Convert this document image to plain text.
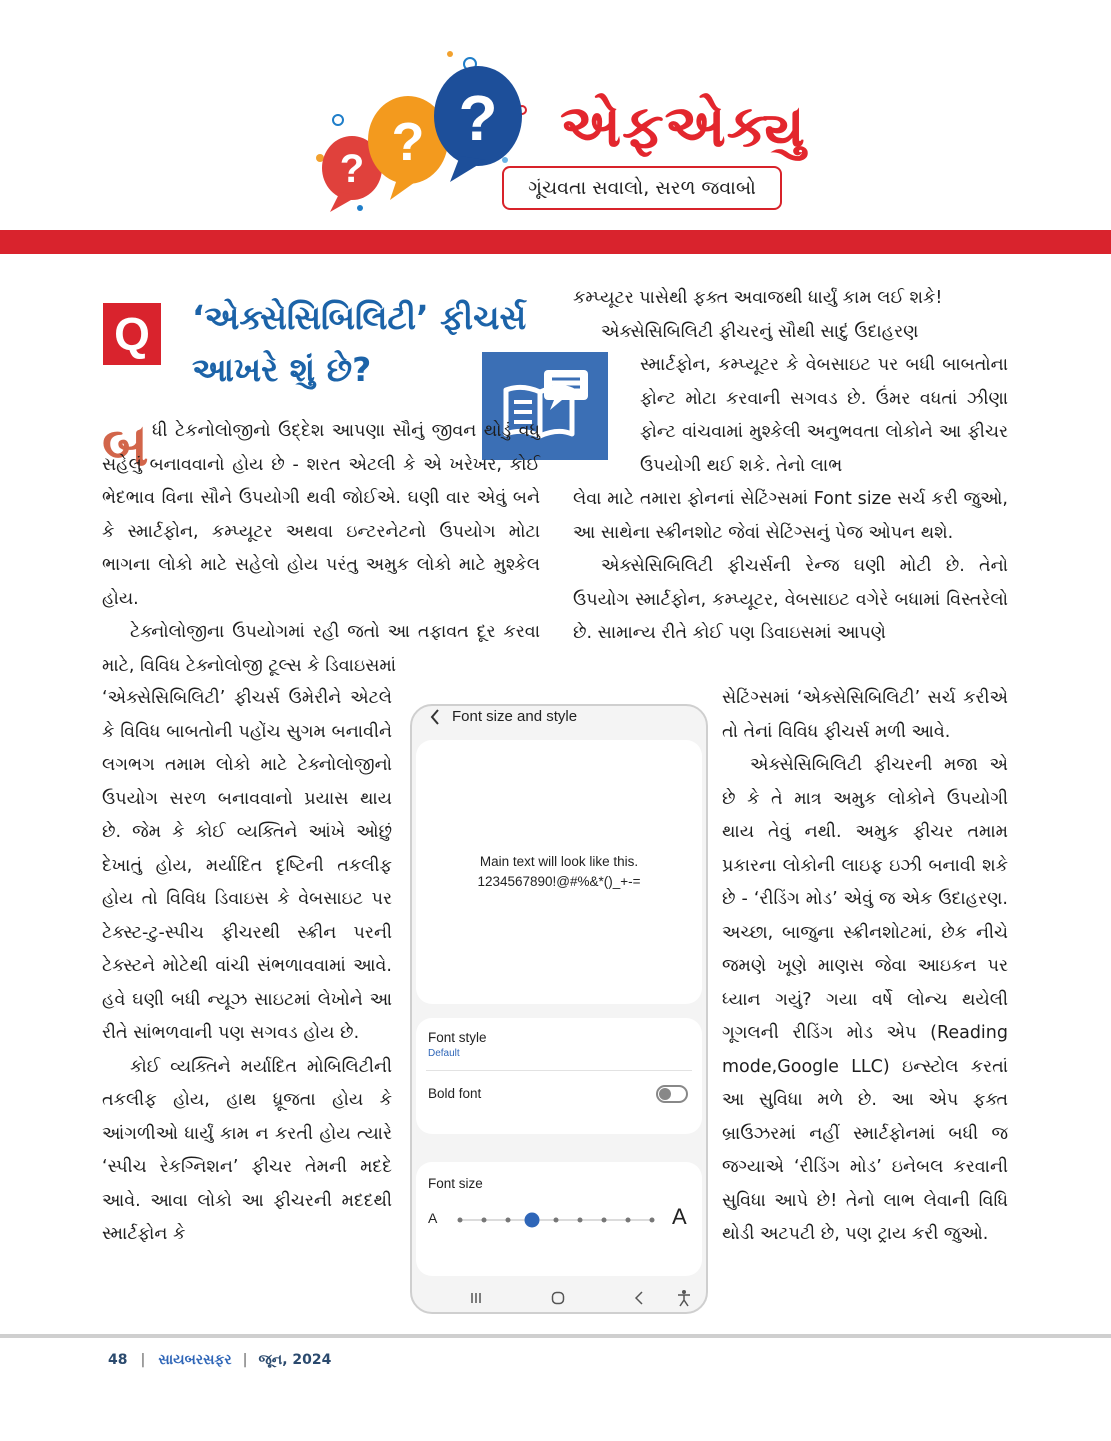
? ? ? એફએક્યુ
ગૂંચવતા સવાલો, સરળ જવાબો
Q	‘એક્સેસિબિલિટી’ ફીચર્સ આખરે શું છે?
બ ધી ટેકનોલોજીનો ઉદ્દેશ આપણા સૌનું જીવન થોડું વધુ સહેલું બનાવવાનો હોય છે - શરત એટલી કે એ ખરેખર, કોઈ ભેદભાવ વિના સૌને ઉપયોગી થવી જોઈએ. ઘણી વાર એવું બને કે સ્માર્ટફોન, કમ્પ્યૂટર અથવા ઇન્ટરનેટનો ઉપયોગ મોટા ભાગના લોકો માટે સહેલો હોય પરંતુ અમુક લોકો માટે મુશ્કેલ હોય.

ટેક્નોલોજીના ઉપયોગમાં રહી જતો આ તફાવત દૂર કરવા માટે, વિવિધ ટેક્નોલોજી ટૂલ્સ કે ડિવાઇસમાં

‘એક્સેસિબિલિટી’ ફીચર્સ ઉમેરીને એટલે કે વિવિધ બાબતોની પહોંચ સુગમ બનાવીને લગભગ તમામ લોકો માટે ટેક્નોલોજીનો ઉપયોગ સરળ બનાવવાનો પ્રયાસ થાય છે. જેમ કે કોઈ વ્યક્તિને આંખે ઓછું દેખાતું હોય, મર્યાદિત દૃષ્ટિની તકલીફ હોય તો વિવિધ ડિવાઇસ કે વેબસાઇટ પર ટેક્સ્ટ-ટુ-સ્પીચ ફીચરથી સ્ક્રીન પરની ટેક્સ્ટને મોટેથી વાંચી સંભળાવવામાં આવે. હવે ઘણી બધી ન્યૂઝ સાઇટમાં લેખોને આ રીતે સાંભળવાની પણ સગવડ હોય છે.

કોઈ વ્યક્તિને મર્યાદિત મોબિલિટીની તકલીફ હોય, હાથ ધ્રૂજતા હોય કે આંગળીઓ ધાર્યું કામ ન કરતી હોય ત્યારે ‘સ્પીચ રેકગ્નિશન’ ફીચર તેમની મદદે આવે. આવા લોકો આ ફીચરની મદદથી સ્માર્ટફોન કે

કમ્પ્યૂટર પાસેથી ફક્ત અવાજથી ધાર્યું કામ લઈ શકે!

એક્સેસિબિલિટી ફીચરનું સૌથી સાદું ઉદાહરણ

સ્માર્ટફોન, કમ્પ્યૂટર કે વેબસાઇટ પર બધી બાબતોના ફોન્ટ મોટા કરવાની સગવડ છે. ઉંમર વધતાં ઝીણા ફોન્ટ વાંચવામાં મુશ્કેલી અનુભવતા લોકોને આ ફીચર ઉપયોગી થઈ શકે. તેનો લાભ

લેવા માટે તમારા ફોનનાં સેટિંગ્સમાં Font size સર્ચ કરી જુઓ, આ સાથેના સ્ક્રીનશોટ જેવાં સેટિંગ્સનું પેજ ઓપન થશે.

એક્સેસિબિલિટી ફીચર્સની રેન્જ ઘણી મોટી છે. તેનો ઉપયોગ સ્માર્ટફોન, કમ્પ્યૂટર, વેબસાઇટ વગેરે બધામાં વિસ્તરેલો છે. સામાન્ય રીતે કોઈ પણ ડિવાઇસમાં આપણે

સેટિંગ્સમાં ‘એક્સેસિબિલિટી’ સર્ચ કરીએ તો તેનાં વિવિધ ફીચર્સ મળી આવે.

એક્સેસિબિલિટી ફીચરની મજા એ છે કે તે માત્ર અમુક લોકોને ઉપયોગી થાય તેવું નથી. અમુક ફીચર તમામ પ્રકારના લોકોની લાઇફ ઇઝી બનાવી શકે છે - ‘રીડિંગ મોડ’ એવું જ એક ઉદાહરણ. અચ્છા, બાજુના સ્ક્રીનશોટમાં, છેક નીચે જમણે ખૂણે માણસ જેવા આઇકન પર ધ્યાન ગયું? ગયા વર્ષે લોન્ચ થયેલી ગૂગલની રીડિંગ મોડ એપ (Reading mode,Google LLC) ઇન્સ્ટોલ કરતાં આ સુવિધા મળે છે. આ એપ ફક્ત બ્રાઉઝરમાં નહીં સ્માર્ટફોનમાં બધી જ જગ્યાએ ‘રીડિંગ મોડ’ ઇનેબલ કરવાની સુવિધા આપે છે! તેનો લાભ લેવાની વિધિ થોડી અટપટી છે, પણ ટ્રાય કરી જુઓ.

Font size and style
Main text will look like this.
1234567890!@#%&*()_+-=
Font style
Default
Bold font
Font size
A	A
48 | સાયબરસફર | જૂન, 2024
